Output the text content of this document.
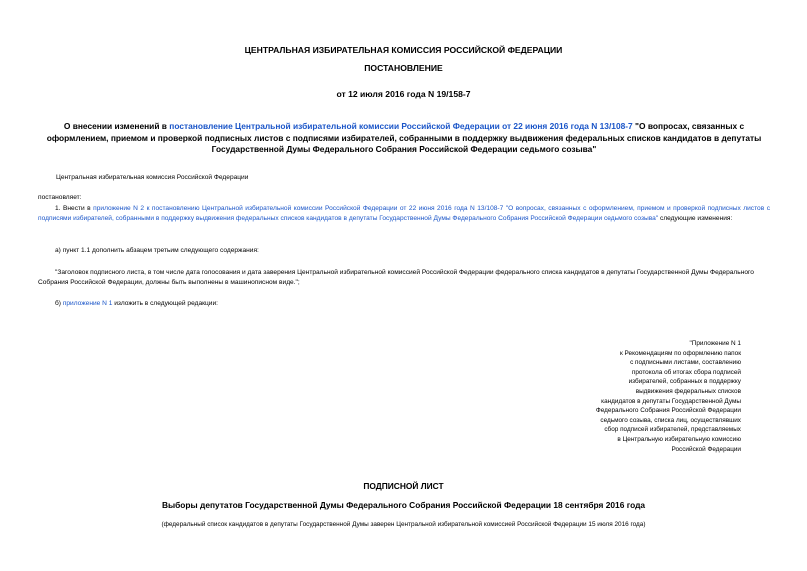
ЦЕНТРАЛЬНАЯ ИЗБИРАТЕЛЬНАЯ КОМИССИЯ РОССИЙСКОЙ ФЕДЕРАЦИИ
ПОСТАНОВЛЕНИЕ
от 12 июля 2016 года N 19/158-7
О внесении изменений в постановление Центральной избирательной комиссии Российской Федерации от 22 июня 2016 года N 13/108-7 "О вопросах, связанных с оформлением, приемом и проверкой подписных листов с подписями избирателей, собранными в поддержку выдвижения федеральных списков кандидатов в депутаты Государственной Думы Федерального Собрания Российской Федерации седьмого созыва"
Центральная избирательная комиссия Российской Федерации
постановляет:
1. Внести в приложение N 2 к постановлению Центральной избирательной комиссии Российской Федерации от 22 июня 2016 года N 13/108-7 "О вопросах, связанных с оформлением, приемом и проверкой подписных листов с подписями избирателей, собранными в поддержку выдвижения федеральных списков кандидатов в депутаты Государственной Думы Федерального Собрания Российской Федерации седьмого созыва" следующие изменения:
а) пункт 1.1 дополнить абзацем третьим следующего содержания:
"Заголовок подписного листа, в том числе дата голосования и дата заверения Центральной избирательной комиссией Российской Федерации федерального списка кандидатов в депутаты Государственной Думы Федерального Собрания Российской Федерации, должны быть выполнены в машинописном виде.";
б) приложение N 1 изложить в следующей редакции:
"Приложение N 1
к Рекомендациям по оформлению папок
с подписными листами, составлению
протокола об итогах сбора подписей
избирателей, собранных в поддержку
выдвижения федеральных списков
кандидатов в депутаты Государственной Думы
Федерального Собрания Российской Федерации
седьмого созыва, списка лиц, осуществлявших
сбор подписей избирателей, представляемых
в Центральную избирательную комиссию
Российской Федерации
ПОДПИСНОЙ ЛИСТ
Выборы депутатов Государственной Думы Федерального Собрания Российской Федерации 18 сентября 2016 года
(федеральный список кандидатов в депутаты Государственной Думы заверен Центральной избирательной комиссией Российской Федерации 15 июля 2016 года)
